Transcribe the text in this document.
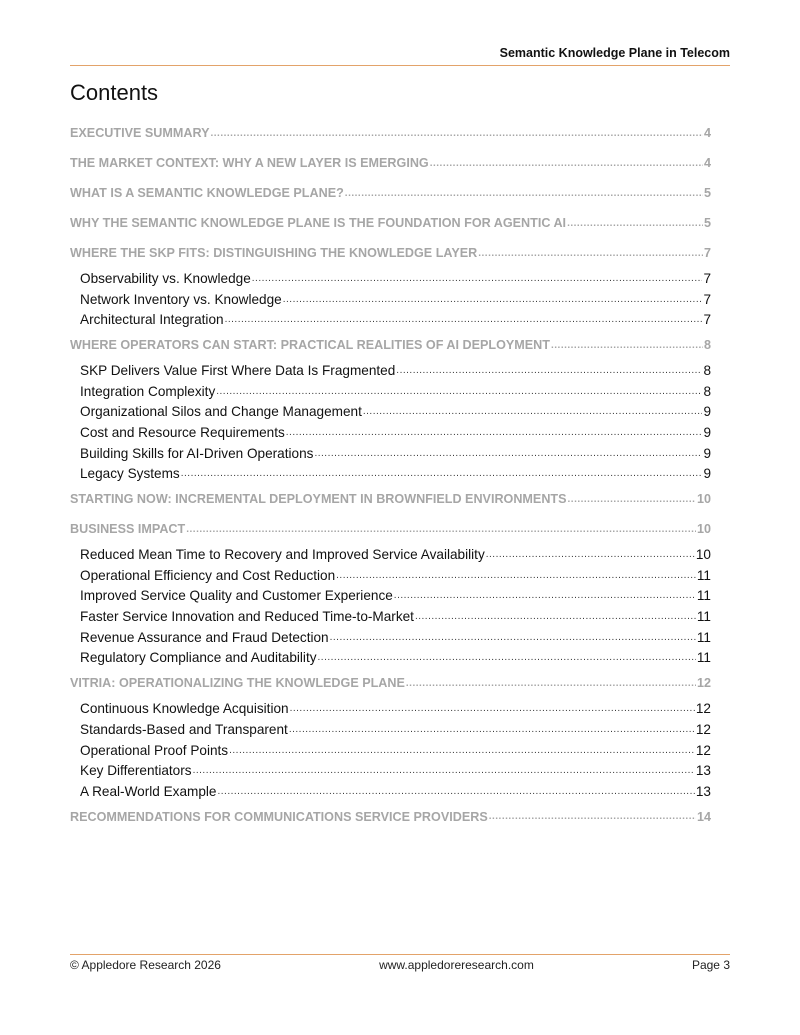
Semantic Knowledge Plane in Telecom
Contents
EXECUTIVE SUMMARY .....	4
THE MARKET CONTEXT: WHY A NEW LAYER IS EMERGING .....	4
WHAT IS A SEMANTIC KNOWLEDGE PLANE? .....	5
WHY THE SEMANTIC KNOWLEDGE PLANE IS THE FOUNDATION FOR AGENTIC AI .....	5
WHERE THE SKP FITS: DISTINGUISHING THE KNOWLEDGE LAYER .....	7
Observability vs. Knowledge .....	7
Network Inventory vs. Knowledge .....	7
Architectural Integration .....	7
WHERE OPERATORS CAN START: PRACTICAL REALITIES OF AI DEPLOYMENT .....	8
SKP Delivers Value First Where Data Is Fragmented .....	8
Integration Complexity .....	8
Organizational Silos and Change Management .....	9
Cost and Resource Requirements .....	9
Building Skills for AI-Driven Operations .....	9
Legacy Systems .....	9
STARTING NOW: INCREMENTAL DEPLOYMENT IN BROWNFIELD ENVIRONMENTS .....	10
BUSINESS IMPACT .....	10
Reduced Mean Time to Recovery and Improved Service Availability .....	10
Operational Efficiency and Cost Reduction .....	11
Improved Service Quality and Customer Experience .....	11
Faster Service Innovation and Reduced Time-to-Market .....	11
Revenue Assurance and Fraud Detection .....	11
Regulatory Compliance and Auditability .....	11
VITRIA: OPERATIONALIZING THE KNOWLEDGE PLANE .....	12
Continuous Knowledge Acquisition .....	12
Standards-Based and Transparent .....	12
Operational Proof Points .....	12
Key Differentiators .....	13
A Real-World Example .....	13
RECOMMENDATIONS FOR COMMUNICATIONS SERVICE PROVIDERS .....	14
© Appledore Research 2026	www.appledoreresearch.com	Page 3
